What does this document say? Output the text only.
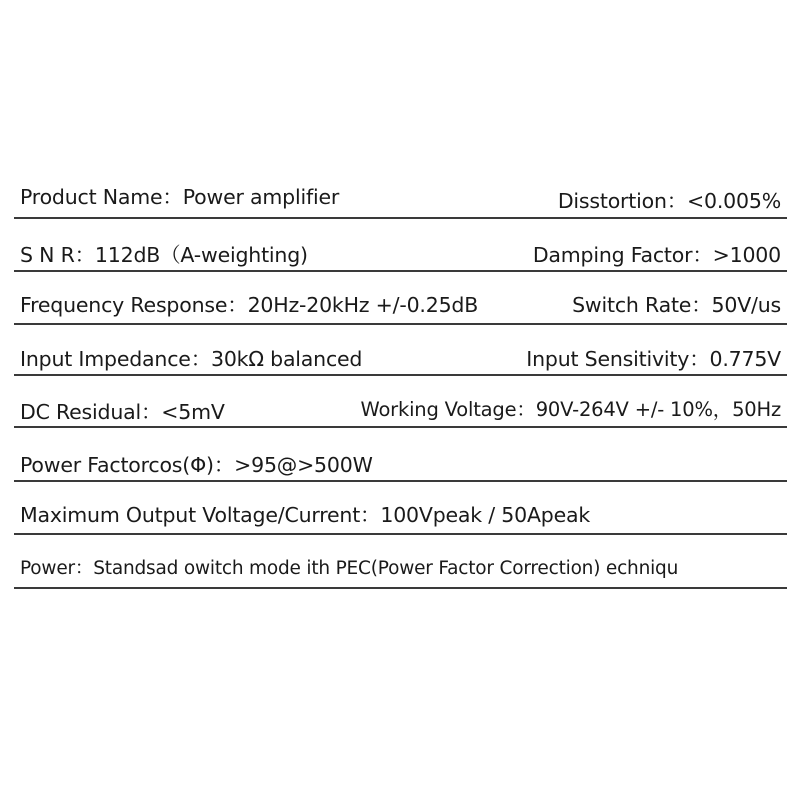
Product Name：Power amplifier	Disstortion：<0.005%
S N R：112dB（A-weighting)	Damping Factor：>1000
Frequency Response：20Hz-20kHz +/-0.25dB	Switch Rate：50V/us
Input Impedance：30kΩ balanced	Input Sensitivity：0.775V
DC Residual：<5mV	Working Voltage：90V-264V +/- 10%，50Hz
Power Factorcos(Φ)：>95@>500W
Maximum Output Voltage/Current：100Vpeak / 50Apeak
Power：Standsad owitch mode ith PEC(Power Factor Correction) echniqu
